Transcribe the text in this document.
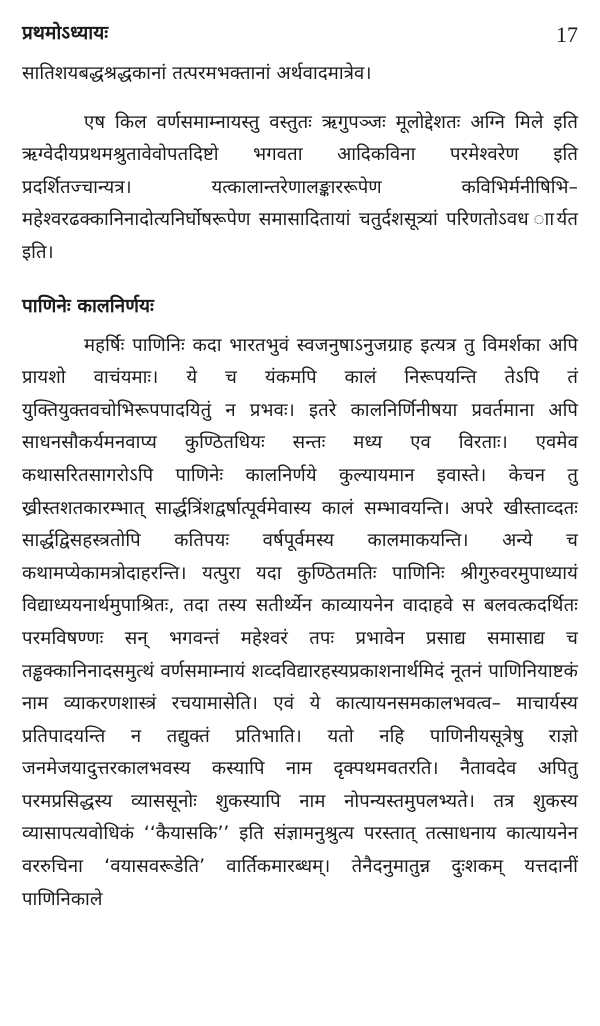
प्रथमोऽध्यायः	17

सातिशयबद्धश्रद्धकानां तत्परमभक्तानां अर्थवादमात्रेव।

एष किल वर्णसमाम्नायस्तु वस्तुतः ऋगुपञ्जः मूलोद्देशतः अग्नि मिले इति ऋग्वेदीयप्रथमश्रुतावेवोपतदिष्टो भगवता आदिकविना परमेश्वरेण इति प्रदर्शितज्चान्यत्र। यत्कालान्तरेणालङ्काररूपेण कविभिर्मनीषिभि– महेश्वरढक्कानिनादोत्यनिर्घोषरूपेण समासादितायां चतुर्दशसूत्र्यां परिणतोऽवध ाार्यत इति।

पाणिनेः कालनिर्णयः

महर्षिः पाणिनिः कदा भारतभुवं स्वजनुषाऽनुजग्राह इत्यत्र तु विमर्शका अपि प्रायशो वाचंयमाः। ये च यंकमपि कालं निरूपयन्ति तेऽपि तं युक्तियुक्तवचोभिरूपपादयितुं न प्रभवः। इतरे कालनिर्णिनीषया प्रवर्तमाना अपि साधनसौकर्यमनवाप्य कुण्ठितधियः सन्तः मध्य एव विरताः। एवमेव कथासरितसागरोऽपि पाणिनेः कालनिर्णये कुल्यायमान इवास्ते। केचन तु ख्रीस्तशतकारम्भात् सार्द्धत्रिंशद्वर्षात्पूर्वमेवास्य कालं सम्भावयन्ति। अपरे खीस्ताव्दतः सार्द्धद्विसहस्त्रतोपि कतिपयः वर्षपूर्वमस्य कालमाकयन्ति। अन्ये च कथामप्येकामत्रोदाहरन्ति। यत्पुरा यदा कुण्ठितमतिः पाणिनिः श्रीगुरुवरमुपाध्यायं विद्याध्ययनार्थमुपाश्रितः, तदा तस्य सतीर्थ्येन काव्यायनेन वादाहवे स बलवत्कदर्थितः परमविषण्णः सन् भगवन्तं महेश्वरं तपः प्रभावेन प्रसाद्य समासाद्य च तड्ढक्कानिनादसमुत्थं वर्णसमाम्नायं शव्दविद्यारहस्यप्रकाशनार्थमिदं नूतनं पाणिनियाष्टकं नाम व्याकरणशास्त्रं रचयामासेति। एवं ये कात्यायनसमकालभवत्व– माचार्यस्य प्रतिपादयन्ति न तद्युक्तं प्रतिभाति। यतो नहि पाणिनीयसूत्रेषु राज्ञो जनमेजयादुत्तरकालभवस्य कस्यापि नाम दृक्पथमवतरति। नैतावदेव अपितु परमप्रसिद्धस्य व्याससूनोः शुकस्यापि नाम नोपन्यस्तमुपलभ्यते। तत्र शुकस्य व्यासापत्यवोधिकं ‘‘कैयासकि’’ इति संज्ञामनुश्रुत्य परस्तात् तत्साधनाय कात्यायनेन वररुचिना ‘वयासवरूडेति’ वार्तिकमारब्धम्। तेनैदनुमातुन्न दुःशकम् यत्तदानीं पाणिनिकाले
